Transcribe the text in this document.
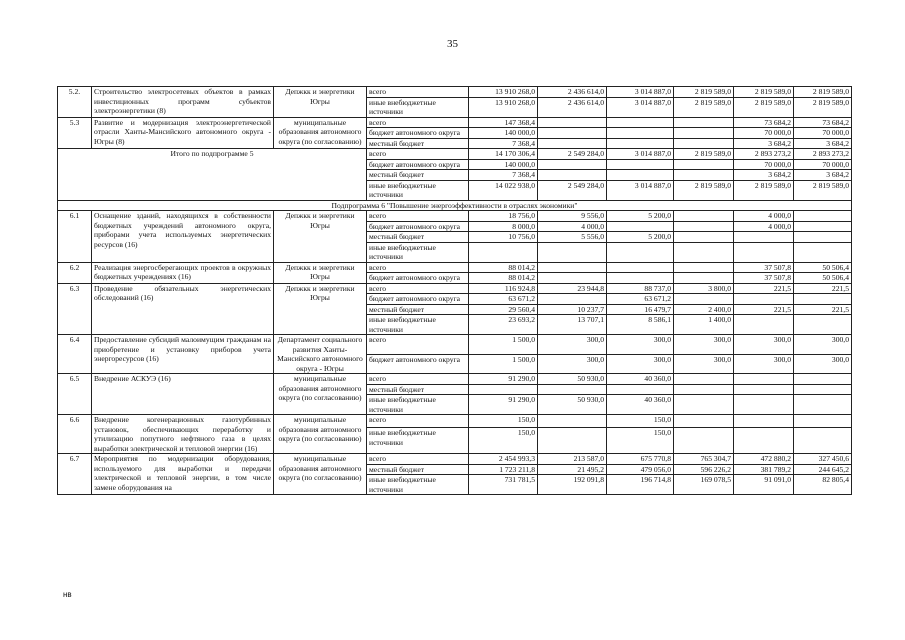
35
5.2.	Строительство электросетевых объектов в рамках инвестиционных программ субъектов электроэнергетики (8)	Депжкк и энергетики Югры	всего	13 910 268,0	2 436 614,0	3 014 887,0	2 819 589,0	2 819 589,0	2 819 589,0
			иные внебюджетные источники	13 910 268,0	2 436 614,0	3 014 887,0	2 819 589,0	2 819 589,0	2 819 589,0
5.3	Развитие и модернизация электроэнергетической отрасли Ханты-Мансийского автономного округа - Югры (8)	муниципальные образования автономного округа (по согласованию)	всего	147 368,4				73 684,2	73 684,2
			бюджет автономного округа	140 000,0				70 000,0	70 000,0
			местный бюджет	7 368,4				3 684,2	3 684,2
Итого по подпрограмме 5			всего	14 170 306,4	2 549 284,0	3 014 887,0	2 819 589,0	2 893 273,2	2 893 273,2
			бюджет автономного округа	140 000,0				70 000,0	70 000,0
			местный бюджет	7 368,4				3 684,2	3 684,2
			иные внебюджетные источники	14 022 938,0	2 549 284,0	3 014 887,0	2 819 589,0	2 819 589,0	2 819 589,0
Подпрограмма 6 "Повышение энергоэффективности в отраслях экономики"									
6.1	Оснащение зданий, находящихся в собственности бюджетных учреждений автономного округа, приборами учета используемых энергетических ресурсов (16)	Депжкк и энергетики Югры	всего	18 756,0	9 556,0	5 200,0		4 000,0	
			бюджет автономного округа	8 000,0	4 000,0			4 000,0	
			местный бюджет	10 756,0	5 556,0	5 200,0			
			иные внебюджетные источники						
6.2	Реализация энергосберегающих проектов в окружных бюджетных учреждениях (16)	Депжкк и энергетики Югры	всего	88 014,2				37 507,8	50 506,4
			бюджет автономного округа	88 014,2				37 507,8	50 506,4
6.3	Проведение обязательных энергетических обследований (16)	Депжкк и энергетики Югры	всего	116 924,8	23 944,8	88 737,0	3 800,0	221,5	221,5
			бюджет автономного округа	63 671,2		63 671,2			
			местный бюджет	29 560,4	10 237,7	16 479,7	2 400,0	221,5	221,5
			иные внебюджетные источники	23 693,2	13 707,1	8 586,1	1 400,0		
6.4	Предоставление субсидий малоимущим гражданам на приобретение и установку приборов учета энергоресурсов (16)	Департамент социального развития Ханты-Мансийского автономного округа - Югры	всего	1 500,0	300,0	300,0	300,0	300,0	300,0
			бюджет автономного округа	1 500,0	300,0	300,0	300,0	300,0	300,0
6.5	Внедрение АСКУЭ (16)	муниципальные образования автономного округа (по согласованию)	всего	91 290,0	50 930,0	40 360,0			
			местный бюджет						
			иные внебюджетные источники	91 290,0	50 930,0	40 360,0			
6.6	Внедрение когенерационных газотурбинных установок, обеспечивающих переработку и утилизацию попутного нефтяного газа в целях выработки электрической и тепловой энергии (16)	муниципальные образования автономного округа (по согласованию)	всего	150,0		150,0			
			иные внебюджетные источники	150,0		150,0			
6.7	Мероприятия по модернизации оборудования, используемого для выработки и передачи электрической и тепловой энергии, в том числе замене оборудования на	муниципальные образования автономного округа (по согласованию)	всего	2 454 993,3	213 587,0	675 770,8	765 304,7	472 880,2	327 450,6
			местный бюджет	1 723 211,8	21 495,2	479 056,0	596 226,2	381 789,2	244 645,2
			иные внебюджетные источники	731 781,5	192 091,8	196 714,8	169 078,5	91 091,0	82 805,4
нв
